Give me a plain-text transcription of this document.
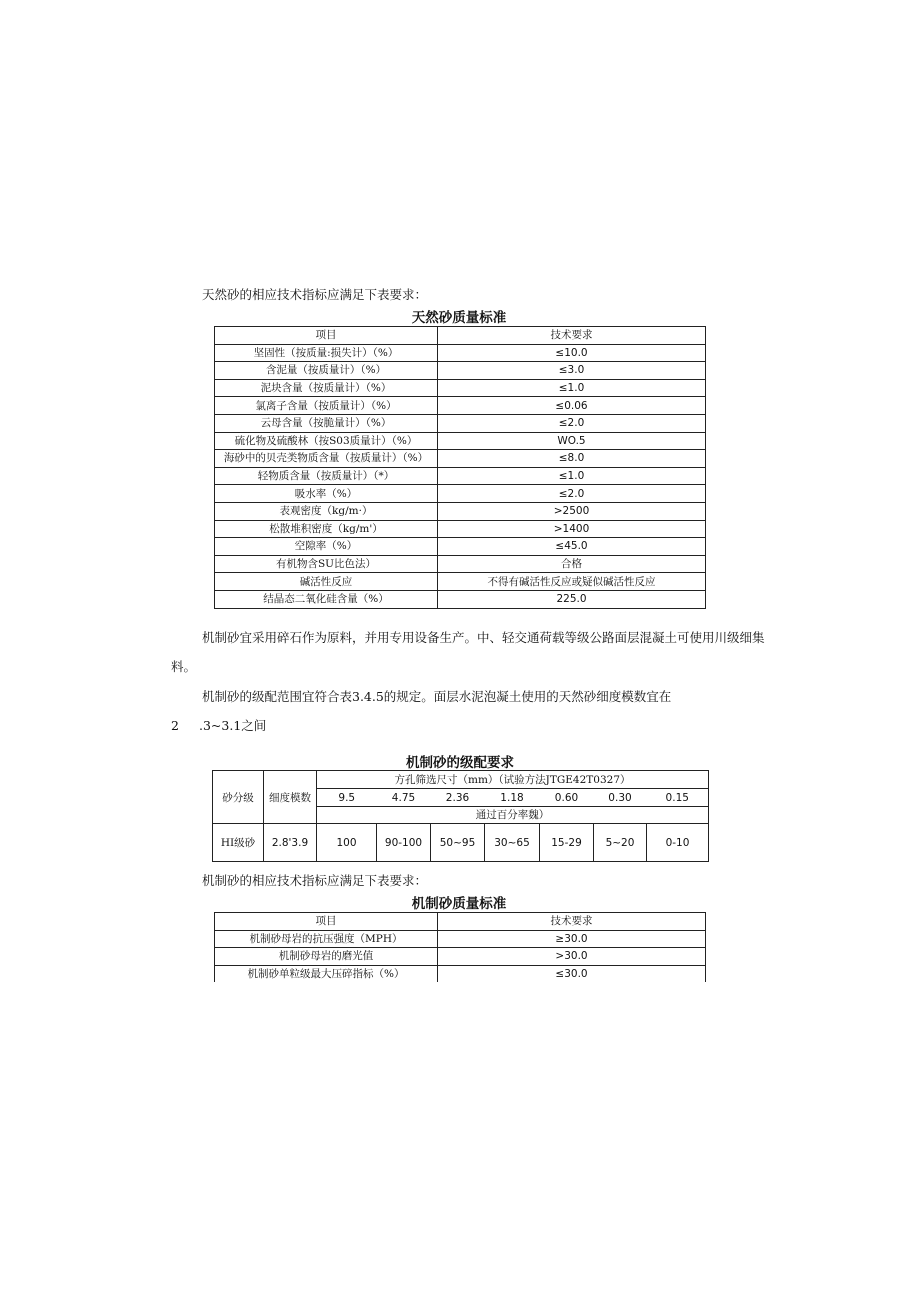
天然砂的相应技术指标应满足下表要求：
天然砂质量标准
项目	技术要求
坚固性（按质量:损失计）（%）	≤10.0
含泥量（按质量计）（%）	≤3.0
泥块含量（按质量计）（%）	≤1.0
氯离子含量（按质量计）（%）	≤0.06
云母含量（按脆量计）（%）	≤2.0
硫化物及硫酸林（按S03质量计）（%）	WO.5
海砂中的贝壳类物质含量（按质量计）（%）	≤8.0
轻物质含量（按质量计）（*）	≤1.0
吸水率（%）	≤2.0
表观密度（kg/m·）	>2500
松散堆积密度（kg/m'）	>1400
空隙率（%）	≤45.0
有机物含SU比色法）	合格
碱活性反应	不得有碱活性反应或疑似碱活性反应
结晶态二氧化硅含量（%）	225.0
机制砂宜采用碎石作为原料，并用专用设备生产。中、轻交通荷载等级公路面层混凝土可使用川级细集
料。
机制砂的级配范围宜符合表3.4.5的规定。面层水泥泡凝土使用的天然砂细度模数宜在
2 .3~3.1之间
机制砂的级配要求
砂分级	细度模数	方孔筛选尺寸（mm）（试验方法JTGE42T0327）						
		9.5	4.75	2.36	1.18	0.60	0.30	0.15
		通过百分率魏）						
HI级砂	2.8'3.9	100	90-100	50~95	30~65	15-29	5~20	0-10
机制砂的相应技术指标应满足下表要求：
机制砂质量标准
项目	技术要求
机制砂母岩的抗压强度（MPH）	≥30.0
机制砂母岩的磨光值	>30.0
机制砂单粒级最大压碎指标（%）	≤30.0
